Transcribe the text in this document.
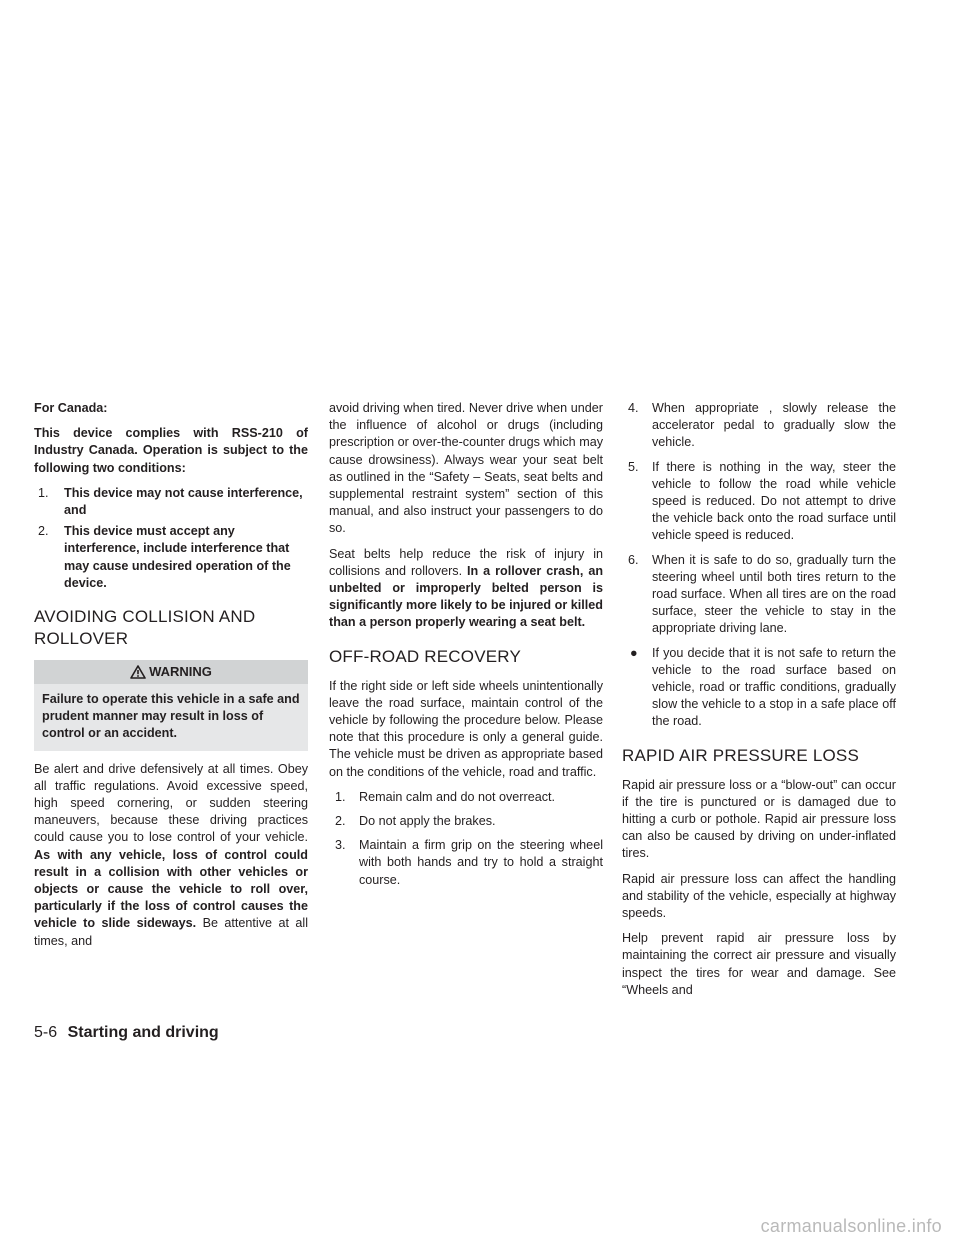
For Canada:

This device complies with RSS-210 of Industry Canada. Operation is subject to the following two conditions:

1. This device may not cause interference, and
2. This device must accept any interference, include interference that may cause undesired operation of the device.
AVOIDING COLLISION AND ROLLOVER
WARNING
Failure to operate this vehicle in a safe and prudent manner may result in loss of control or an accident.

Be alert and drive defensively at all times. Obey all traffic regulations. Avoid excessive speed, high speed cornering, or sudden steering maneuvers, because these driving practices could cause you to lose control of your vehicle. As with any vehicle, loss of control could result in a collision with other vehicles or objects or cause the vehicle to roll over, particularly if the loss of control causes the vehicle to slide sideways. Be attentive at all times, and

avoid driving when tired. Never drive when under the influence of alcohol or drugs (including prescription or over-the-counter drugs which may cause drowsiness). Always wear your seat belt as outlined in the “Safety – Seats, seat belts and supplemental restraint system” section of this manual, and also instruct your passengers to do so.

Seat belts help reduce the risk of injury in collisions and rollovers. In a rollover crash, an unbelted or improperly belted person is significantly more likely to be injured or killed than a person properly wearing a seat belt.

OFF-ROAD RECOVERY

If the right side or left side wheels unintentionally leave the road surface, maintain control of the vehicle by following the procedure below. Please note that this procedure is only a general guide. The vehicle must be driven as appropriate based on the conditions of the vehicle, road and traffic.

1. Remain calm and do not overreact.
2. Do not apply the brakes.
3. Maintain a firm grip on the steering wheel with both hands and try to hold a straight course.
4. When appropriate , slowly release the accelerator pedal to gradually slow the vehicle.
5. If there is nothing in the way, steer the vehicle to follow the road while vehicle speed is reduced. Do not attempt to drive the vehicle back onto the road surface until vehicle speed is reduced.
6. When it is safe to do so, gradually turn the steering wheel until both tires return to the road surface. When all tires are on the road surface, steer the vehicle to stay in the appropriate driving lane.
● If you decide that it is not safe to return the vehicle to the road surface based on vehicle, road or traffic conditions, gradually slow the vehicle to a stop in a safe place off the road.
RAPID AIR PRESSURE LOSS

Rapid air pressure loss or a “blow-out” can occur if the tire is punctured or is damaged due to hitting a curb or pothole. Rapid air pressure loss can also be caused by driving on under-inflated tires.

Rapid air pressure loss can affect the handling and stability of the vehicle, especially at highway speeds.

Help prevent rapid air pressure loss by maintaining the correct air pressure and visually inspect the tires for wear and damage. See “Wheels and

5-6 Starting and driving
carmanualsonline.info
